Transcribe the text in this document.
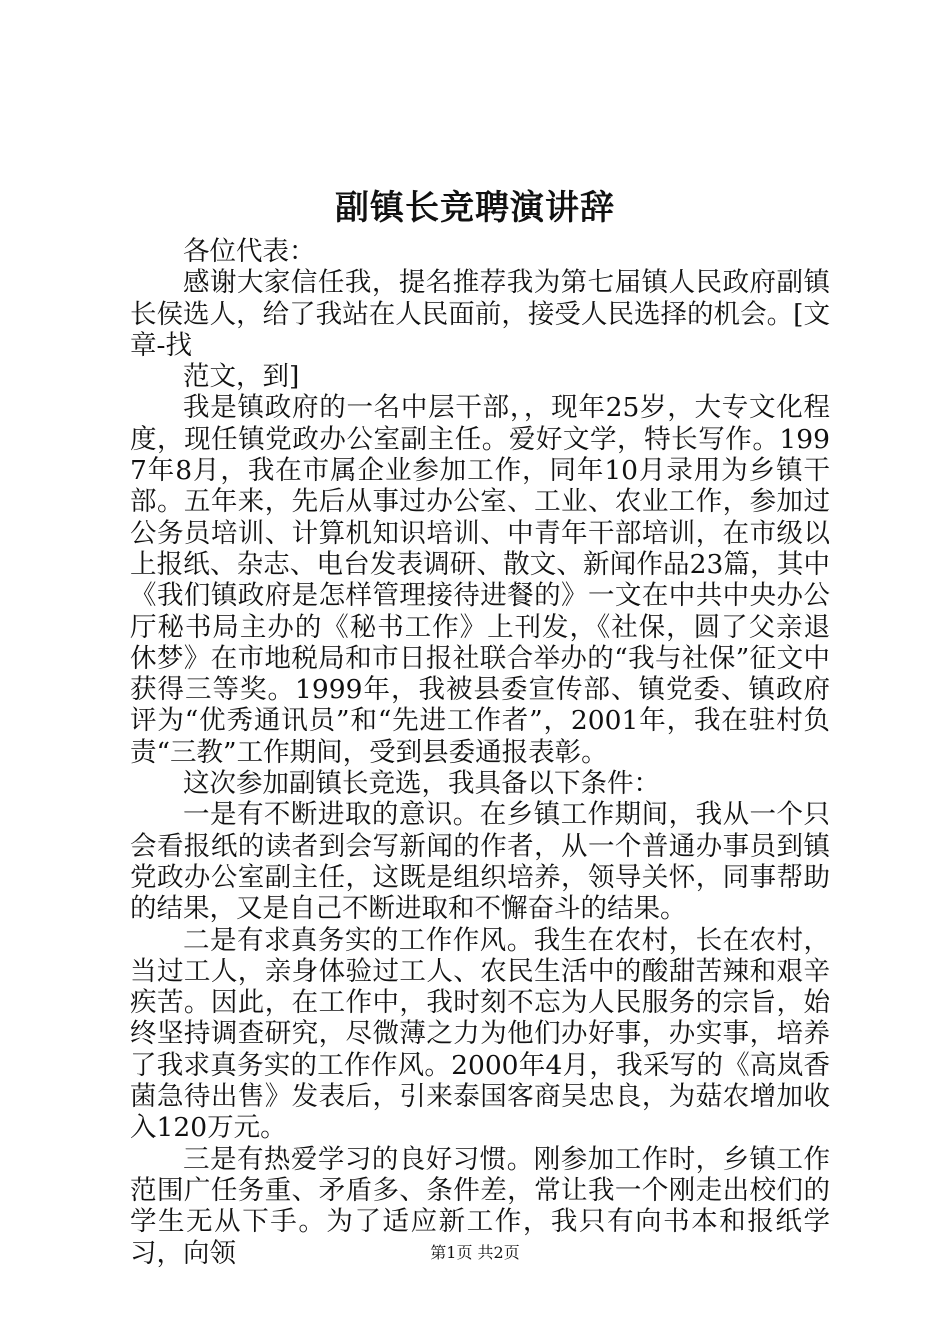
副镇长竞聘演讲辞

各位代表：

感谢大家信任我，提名推荐我为第七届镇人民政府副镇长侯选人，给了我站在人民面前，接受人民选择的机会。[文章-找

范文，到]

我是镇政府的一名中层干部，，现年25岁，大专文化程度，现任镇党政办公室副主任。爱好文学，特长写作。1997年8月，我在市属企业参加工作，同年10月录用为乡镇干部。五年来，先后从事过办公室、工业、农业工作，参加过公务员培训、计算机知识培训、中青年干部培训，在市级以上报纸、杂志、电台发表调研、散文、新闻作品23篇，其中《我们镇政府是怎样管理接待进餐的》一文在中共中央办公厅秘书局主办的《秘书工作》上刊发，《社保，圆了父亲退休梦》在市地税局和市日报社联合举办的“我与社保”征文中获得三等奖。1999年，我被县委宣传部、镇党委、镇政府评为“优秀通讯员”和“先进工作者”，2001年，我在驻村负责“三教”工作期间，受到县委通报表彰。

这次参加副镇长竞选，我具备以下条件：

一是有不断进取的意识。在乡镇工作期间，我从一个只会看报纸的读者到会写新闻的作者，从一个普通办事员到镇党政办公室副主任，这既是组织培养，领导关怀，同事帮助的结果，又是自己不断进取和不懈奋斗的结果。

二是有求真务实的工作作风。我生在农村，长在农村，当过工人，亲身体验过工人、农民生活中的酸甜苦辣和艰辛疾苦。因此，在工作中，我时刻不忘为人民服务的宗旨，始终坚持调查研究，尽微薄之力为他们办好事，办实事，培养了我求真务实的工作作风。2000年4月，我采写的《高岚香菌急待出售》发表后，引来泰国客商吴忠良，为菇农增加收入120万元。

三是有热爱学习的良好习惯。刚参加工作时，乡镇工作范围广任务重、矛盾多、条件差，常让我一个刚走出校们的学生无从下手。为了适应新工作，我只有向书本和报纸学习，向领	第1页 共2页
